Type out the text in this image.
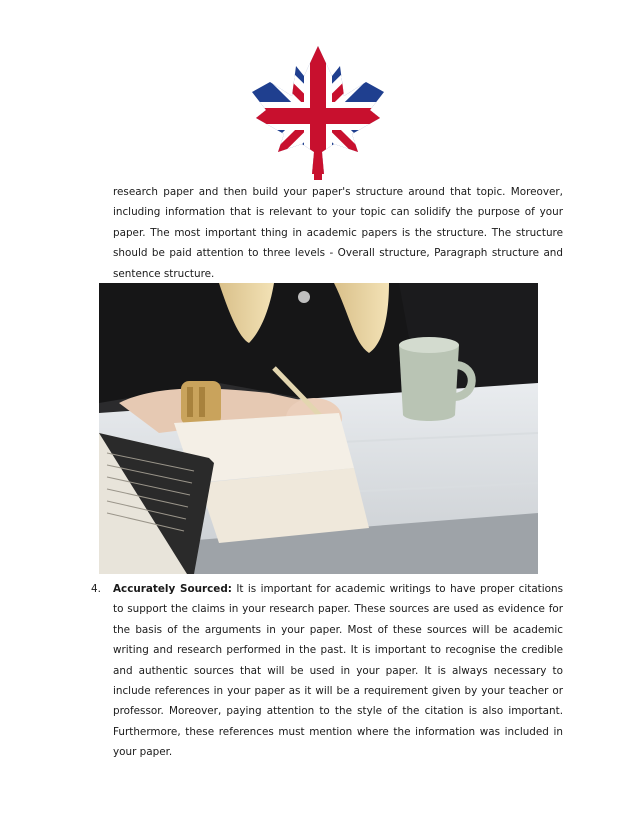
research paper and then build your paper's structure around that topic. Moreover, including information that is relevant to your topic can solidify the purpose of your paper. The most important thing in academic papers is the structure. The structure should be paid attention to three levels - Overall structure, Paragraph structure and sentence structure.

4. Accurately Sourced: It is important for academic writings to have proper citations to support the claims in your research paper. These sources are used as evidence for the basis of the arguments in your paper. Most of these sources will be academic writing and research performed in the past. It is important to recognise the credible and authentic sources that will be used in your paper. It is always necessary to include references in your paper as it will be a requirement given by your teacher or professor. Moreover, paying attention to the style of the citation is also important. Furthermore, these references must mention where the information was included in your paper.
